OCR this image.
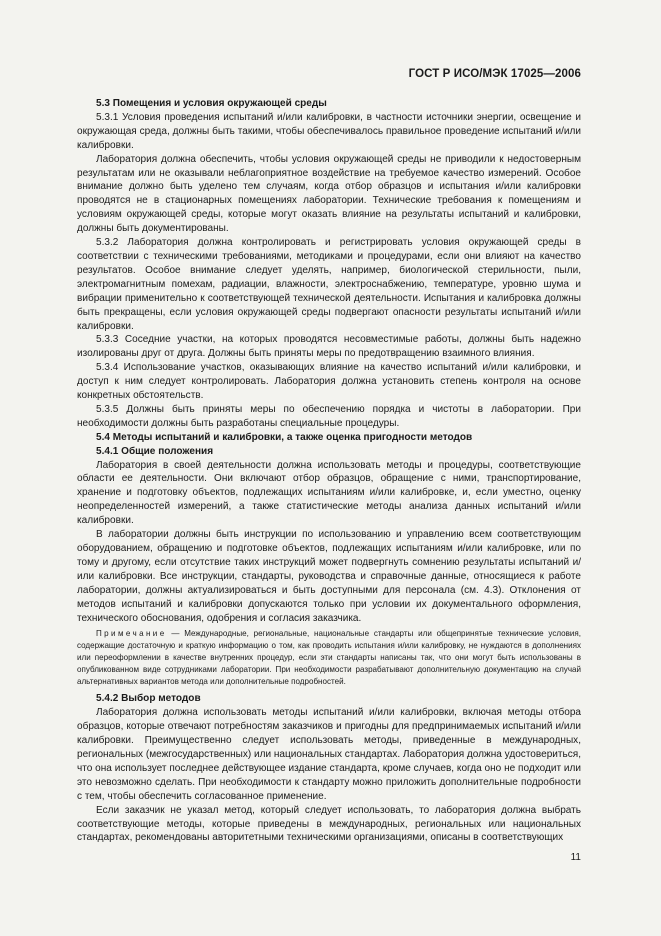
ГОСТ Р ИСО/МЭК 17025—2006
5.3 Помещения и условия окружающей среды

5.3.1 Условия проведения испытаний и/или калибровки, в частности источники энергии, освещение и окружающая среда, должны быть такими, чтобы обеспечивалось правильное проведение испытаний и/или калибровки.

Лаборатория должна обеспечить, чтобы условия окружающей среды не приводили к недостоверным результатам или не оказывали неблагоприятное воздействие на требуемое качество измерений. Особое внимание должно быть уделено тем случаям, когда отбор образцов и испытания и/или калибровки проводятся не в стационарных помещениях лаборатории. Технические требования к помещениям и условиям окружающей среды, которые могут оказать влияние на результаты испытаний и калибровки, должны быть документированы.

5.3.2 Лаборатория должна контролировать и регистрировать условия окружающей среды в соответствии с техническими требованиями, методиками и процедурами, если они влияют на качество результатов. Особое внимание следует уделять, например, биологической стерильности, пыли, электромагнитным помехам, радиации, влажности, электроснабжению, температуре, уровню шума и вибрации применительно к соответствующей технической деятельности. Испытания и калибровка должны быть прекращены, если условия окружающей среды подвергают опасности результаты испытаний и/или калибровки.

5.3.3 Соседние участки, на которых проводятся несовместимые работы, должны быть надежно изолированы друг от друга. Должны быть приняты меры по предотвращению взаимного влияния.

5.3.4 Использование участков, оказывающих влияние на качество испытаний и/или калибровки, и доступ к ним следует контролировать. Лаборатория должна установить степень контроля на основе конкретных обстоятельств.

5.3.5 Должны быть приняты меры по обеспечению порядка и чистоты в лаборатории. При необходимости должны быть разработаны специальные процедуры.

5.4 Методы испытаний и калибровки, а также оценка пригодности методов
5.4.1 Общие положения

Лаборатория в своей деятельности должна использовать методы и процедуры, соответствующие области ее деятельности. Они включают отбор образцов, обращение с ними, транспортирование, хранение и подготовку объектов, подлежащих испытаниям и/или калибровке, и, если уместно, оценку неопределенностей измерений, а также статистические методы анализа данных испытаний и/или калибровки.

В лаборатории должны быть инструкции по использованию и управлению всем соответствующим оборудованием, обращению и подготовке объектов, подлежащих испытаниям и/или калибровке, или по тому и другому, если отсутствие таких инструкций может подвергнуть сомнению результаты испытаний и/или калибровки. Все инструкции, стандарты, руководства и справочные данные, относящиеся к работе лаборатории, должны актуализироваться и быть доступными для персонала (см. 4.3). Отклонения от методов испытаний и калибровки допускаются только при условии их документального оформления, технического обоснования, одобрения и согласия заказчика.

Примечание — Международные, региональные, национальные стандарты или общепринятые технические условия, содержащие достаточную и краткую информацию о том, как проводить испытания и/или калибровку, не нуждаются в дополнениях или переоформлении в качестве внутренних процедур, если эти стандарты написаны так, что они могут быть использованы в опубликованном виде сотрудниками лаборатории. При необходимости разрабатывают дополнительную документацию на случай альтернативных вариантов метода или дополнительные подробностей.

5.4.2 Выбор методов

Лаборатория должна использовать методы испытаний и/или калибровки, включая методы отбора образцов, которые отвечают потребностям заказчиков и пригодны для предпринимаемых испытаний и/или калибровки. Преимущественно следует использовать методы, приведенные в международных, региональных (межгосударственных) или национальных стандартах. Лаборатория должна удостовериться, что она использует последнее действующее издание стандарта, кроме случаев, когда оно не подходит или это невозможно сделать. При необходимости к стандарту можно приложить дополнительные подробности с тем, чтобы обеспечить согласованное применение.

Если заказчик не указал метод, который следует использовать, то лаборатория должна выбрать соответствующие методы, которые приведены в международных, региональных или национальных стандартах, рекомендованы авторитетными техническими организациями, описаны в соответствующих

11
